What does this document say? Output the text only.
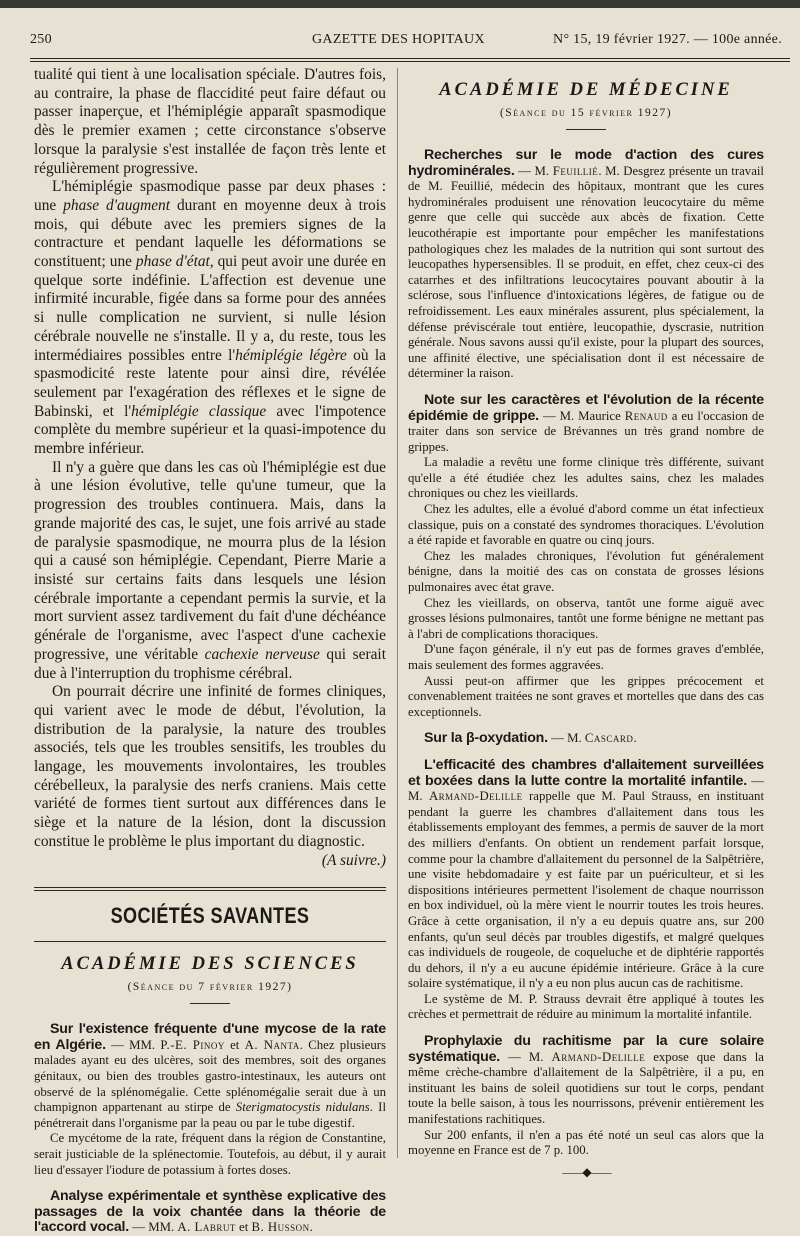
250	GAZETTE DES HOPITAUX	N° 15, 19 février 1927. — 100e année.

tualité qui tient à une localisation spéciale. D'autres fois, au contraire, la phase de flaccidité peut faire défaut ou passer inaperçue, et l'hémiplégie apparaît spasmodique dès le premier examen ; cette circonstance s'observe lorsque la paralysie s'est installée de façon très lente et régulièrement progressive.

L'hémiplégie spasmodique passe par deux phases : une phase d'augment durant en moyenne deux à trois mois, qui débute avec les premiers signes de la contracture et pendant laquelle les déformations se constituent; une phase d'état, qui peut avoir une durée en quelque sorte indéfinie. L'affection est devenue une infirmité incurable, figée dans sa forme pour des années si nulle complication ne survient, si nulle lésion cérébrale nouvelle ne s'installe. Il y a, du reste, tous les intermédiaires possibles entre l'hémiplégie légère où la spasmodicité reste latente pour ainsi dire, révélée seulement par l'exagération des réflexes et le signe de Babinski, et l'hémiplégie classique avec l'impotence complète du membre supérieur et la quasi-impotence du membre inférieur.

Il n'y a guère que dans les cas où l'hémiplégie est due à une lésion évolutive, telle qu'une tumeur, que la progression des troubles continuera. Mais, dans la grande majorité des cas, le sujet, une fois arrivé au stade de paralysie spasmodique, ne mourra plus de la lésion qui a causé son hémiplégie. Cependant, Pierre Marie a insisté sur certains faits dans lesquels une lésion cérébrale importante a cependant permis la survie, et la mort survient assez tardivement du fait d'une déchéance générale de l'organisme, avec l'aspect d'une cachexie progressive, une véritable cachexie nerveuse qui serait due à l'interruption du trophisme cérébral.

On pourrait décrire une infinité de formes cliniques, qui varient avec le mode de début, l'évolution, la distribution de la paralysie, la nature des troubles associés, tels que les troubles sensitifs, les troubles du langage, les mouvements involontaires, les troubles cérébelleux, la paralysie des nerfs craniens. Mais cette variété de formes tient surtout aux différences dans le siège et la nature de la lésion, dont la discussion constitue le problème le plus important du diagnostic.
(A suivre.)

SOCIÉTÉS SAVANTES
ACADÉMIE DES SCIENCES
(Séance du 7 février 1927)

Sur l'existence fréquente d'une mycose de la rate en Algérie. — MM. P.-E. Pinoy et A. Nanta. Chez plusieurs malades ayant eu des ulcères, soit des membres, soit des organes génitaux, ou bien des troubles gastro-intestinaux, les auteurs ont observé de la splénomégalie. Cette splénomégalie serait due à un champignon appartenant au stirpe de Sterigmatocystis nidulans. Il pénétrerait dans l'organisme par la peau ou par le tube digestif.

Ce mycétome de la rate, fréquent dans la région de Constantine, serait justiciable de la splénectomie. Toutefois, au début, il y aurait lieu d'essayer l'iodure de potassium à fortes doses.

Analyse expérimentale et synthèse explicative des passages de la voix chantée dans la théorie de l'accord vocal. — MM. A. Labrut et B. Husson.

ACADÉMIE DE MÉDECINE
(Séance du 15 février 1927)

Recherches sur le mode d'action des cures hydrominérales. — M. Feuillié. M. Desgrez présente un travail de M. Feuillié, médecin des hôpitaux, montrant que les cures hydrominérales produisent une rénovation leucocytaire du même genre que celle qui succède aux abcès de fixation. Cette leucothérapie est importante pour empêcher les manifestations pathologiques chez les malades de la nutrition qui sont surtout des leucopathes hypersensibles. Il se produit, en effet, chez ceux-ci des catarrhes et des infiltrations leucocytaires pouvant aboutir à la sclérose, sous l'influence d'intoxications légères, de fatigue ou de refroidissement. Les eaux minérales assurent, plus spécialement, la défense préviscérale tout entière, leucopathie, dyscrasie, nutrition générale. Nous savons aussi qu'il existe, pour la plupart des sources, une affinité élective, une spécialisation dont il est nécessaire de déterminer la raison.

Note sur les caractères et l'évolution de la récente épidémie de grippe. — M. Maurice Renaud a eu l'occasion de traiter dans son service de Brévannes un très grand nombre de grippes.

La maladie a revêtu une forme clinique très différente, suivant qu'elle a été étudiée chez les adultes sains, chez les malades chroniques ou chez les vieillards.

Chez les adultes, elle a évolué d'abord comme un état infectieux classique, puis on a constaté des syndromes thoraciques. L'évolution a été rapide et favorable en quatre ou cinq jours.

Chez les malades chroniques, l'évolution fut généralement bénigne, dans la moitié des cas on constata de grosses lésions pulmonaires avec état grave.

Chez les vieillards, on observa, tantôt une forme aiguë avec grosses lésions pulmonaires, tantôt une forme bénigne ne mettant pas à l'abri de complications thoraciques.

D'une façon générale, il n'y eut pas de formes graves d'emblée, mais seulement des formes aggravées.

Aussi peut-on affirmer que les grippes précocement et convenablement traitées ne sont graves et mortelles que dans des cas exceptionnels.

Sur la β-oxydation. — M. Cascard.

L'efficacité des chambres d'allaitement surveillées et boxées dans la lutte contre la mortalité infantile. — M. Armand-Delille rappelle que M. Paul Strauss, en instituant pendant la guerre les chambres d'allaitement dans tous les établissements employant des femmes, a permis de sauver de la mort des milliers d'enfants. On obtient un rendement parfait lorsque, comme pour la chambre d'allaitement du personnel de la Salpêtrière, une visite hebdomadaire y est faite par un puériculteur, et si les dispositions intérieures permettent l'isolement de chaque nourrisson en box individuel, où la mère vient le nourrir toutes les trois heures. Grâce à cette organisation, il n'y a eu depuis quatre ans, sur 200 enfants, qu'un seul décès par troubles digestifs, et malgré quelques cas individuels de rougeole, de coqueluche et de diphtérie rapportés du dehors, il n'y a eu aucune épidémie intérieure. Grâce à la cure solaire systématique, il n'y a eu non plus aucun cas de rachitisme.

Le système de M. P. Strauss devrait être appliqué à toutes les crèches et permettrait de réduire au minimum la mortalité infantile.

Prophylaxie du rachitisme par la cure solaire systématique. — M. Armand-Delille expose que dans la même crèche-chambre d'allaitement de la Salpêtrière, il a pu, en instituant les bains de soleil quotidiens sur tout le corps, pendant toute la belle saison, à tous les nourrissons, prévenir entièrement les manifestations rachitiques.

Sur 200 enfants, il n'en a pas été noté un seul cas alors que la moyenne en France est de 7 p. 100.

——◆——
